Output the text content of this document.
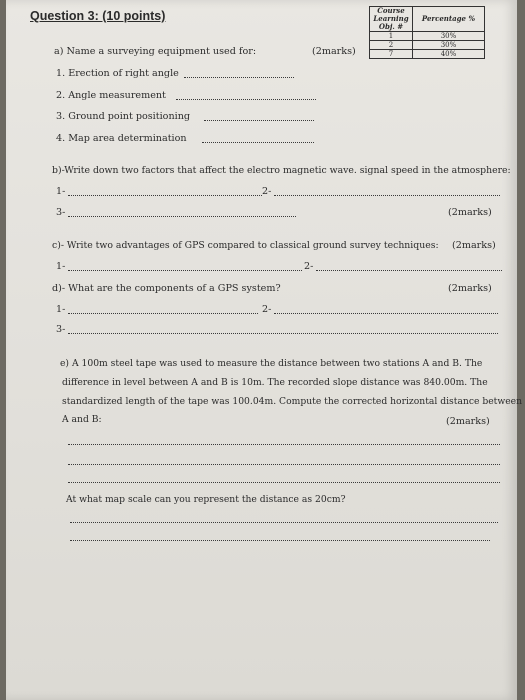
Question 3: (10 points)	Course Learning Obj. #	Percentage %
1	30%
2	30%
7	40%
a) Name a surveying equipment used for:	(2marks)
1. Erection of right angle
2. Angle measurement
3. Ground point positioning
4. Map area determination
b)-Write down two factors that affect the electro magnetic wave. signal speed in the atmosphere:
1-	2-
3-	(2marks)
c)- Write two advantages of GPS compared to classical ground survey techniques: (2marks)
1-	2-
d)- What are the components of a GPS system?	(2marks)
1-	2-
3-
e) A 100m steel tape was used to measure the distance between two stations A and B. The
difference in level between A and B is 10m. The recorded slope distance was 840.00m. The
standardized length of the tape was 100.04m. Compute the corrected horizontal distance between
A and B:	(2marks)
At what map scale can you represent the distance as 20cm?
